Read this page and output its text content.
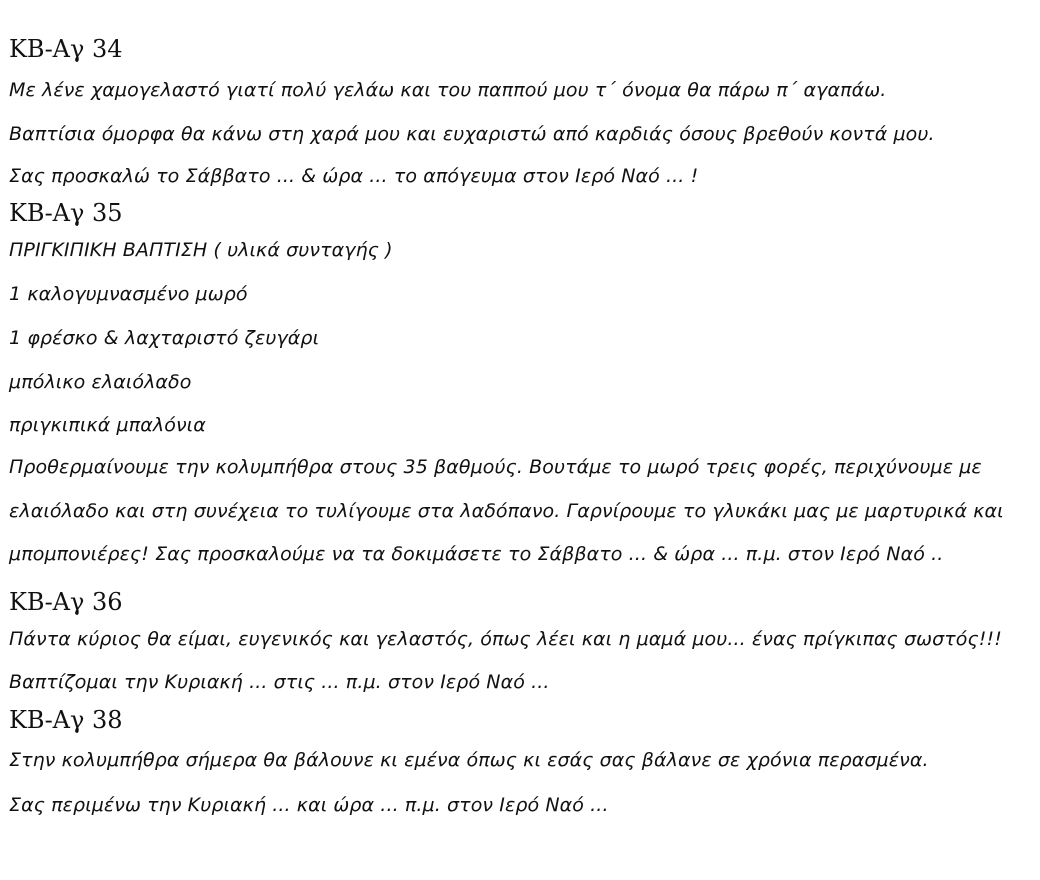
ΚΒ-Αγ 34
Με λένε χαμογελαστό γιατί πολύ γελάω και του παππού μου τ΄ όνομα θα πάρω π΄ αγαπάω.
Βαπτίσια όμορφα θα κάνω στη χαρά μου και ευχαριστώ από καρδιάς όσους βρεθούν κοντά μου.
Σας προσκαλώ το Σάββατο ... & ώρα ... το απόγευμα στον Ιερό Ναό ... !
ΚΒ-Αγ 35
ΠΡΙΓΚΙΠΙΚΗ ΒΑΠΤΙΣΗ ( υλικά συνταγής )
1 καλογυμνασμένο μωρό
1 φρέσκο & λαχταριστό ζευγάρι
μπόλικο ελαιόλαδο
πριγκιπικά μπαλόνια
Προθερμαίνουμε την κολυμπήθρα στους 35 βαθμούς. Βουτάμε το μωρό τρεις φορές, περιχύνουμε με
ελαιόλαδο και στη συνέχεια το τυλίγουμε στα λαδόπανο. Γαρνίρουμε το γλυκάκι μας με μαρτυρικά και
μπομπονιέρες! Σας προσκαλούμε να τα δοκιμάσετε το Σάββατο ... & ώρα ... π.μ. στον Ιερό Ναό ..
ΚΒ-Αγ 36
Πάντα κύριος θα είμαι, ευγενικός και γελαστός, όπως λέει και η μαμά μου... ένας πρίγκιπας σωστός!!!
Βαπτίζομαι την Κυριακή ... στις ... π.μ. στον Ιερό Ναό ...
ΚΒ-Αγ 38
Στην κολυμπήθρα σήμερα θα βάλουνε κι εμένα όπως κι εσάς σας βάλανε σε χρόνια περασμένα.
Σας περιμένω την Κυριακή ... και ώρα ... π.μ. στον Ιερό Ναό ...
